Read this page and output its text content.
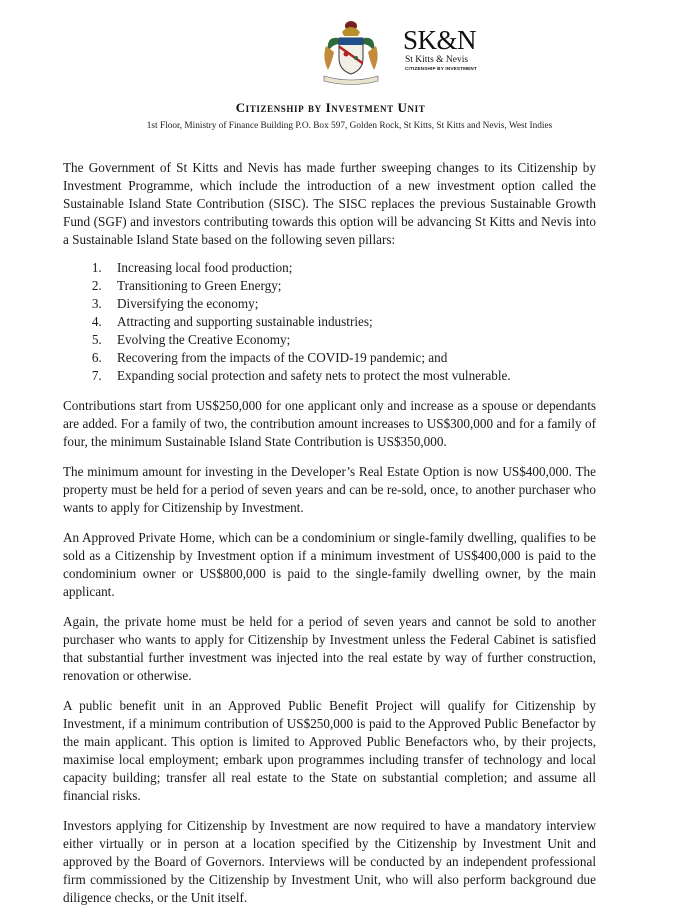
SK&N
St Kitts & Nevis
CITIZENSHIP BY INVESTMENT
Citizenship by Investment Unit
1st Floor, Ministry of Finance Building P.O. Box 597, Golden Rock, St Kitts, St Kitts and Nevis, West Indies

The Government of St Kitts and Nevis has made further sweeping changes to its Citizenship by Investment Programme, which include the introduction of a new investment option called the Sustainable Island State Contribution (SISC). The SISC replaces the previous Sustainable Growth Fund (SGF) and investors contributing towards this option will be advancing St Kitts and Nevis into a Sustainable Island State based on the following seven pillars:

1. Increasing local food production;
2. Transitioning to Green Energy;
3. Diversifying the economy;
4. Attracting and supporting sustainable industries;
5. Evolving the Creative Economy;
6. Recovering from the impacts of the COVID-19 pandemic; and
7. Expanding social protection and safety nets to protect the most vulnerable.

Contributions start from US$250,000 for one applicant only and increase as a spouse or dependants are added. For a family of two, the contribution amount increases to US$300,000 and for a family of four, the minimum Sustainable Island State Contribution is US$350,000.

The minimum amount for investing in the Developer’s Real Estate Option is now US$400,000. The property must be held for a period of seven years and can be re-sold, once, to another purchaser who wants to apply for Citizenship by Investment.

An Approved Private Home, which can be a condominium or single-family dwelling, qualifies to be sold as a Citizenship by Investment option if a minimum investment of US$400,000 is paid to the condominium owner or US$800,000 is paid to the single-family dwelling owner, by the main applicant.

Again, the private home must be held for a period of seven years and cannot be sold to another purchaser who wants to apply for Citizenship by Investment unless the Federal Cabinet is satisfied that substantial further investment was injected into the real estate by way of further construction, renovation or otherwise.

A public benefit unit in an Approved Public Benefit Project will qualify for Citizenship by Investment, if a minimum contribution of US$250,000 is paid to the Approved Public Benefactor by the main applicant. This option is limited to Approved Public Benefactors who, by their projects, maximise local employment; embark upon programmes including transfer of technology and local capacity building; transfer all real estate to the State on substantial completion; and assume all financial risks.

Investors applying for Citizenship by Investment are now required to have a mandatory interview either virtually or in person at a location specified by the Citizenship by Investment Unit and approved by the Board of Governors. Interviews will be conducted by an independent professional firm commissioned by the Citizenship by Investment Unit, who will also perform background due diligence checks, or the Unit itself.
